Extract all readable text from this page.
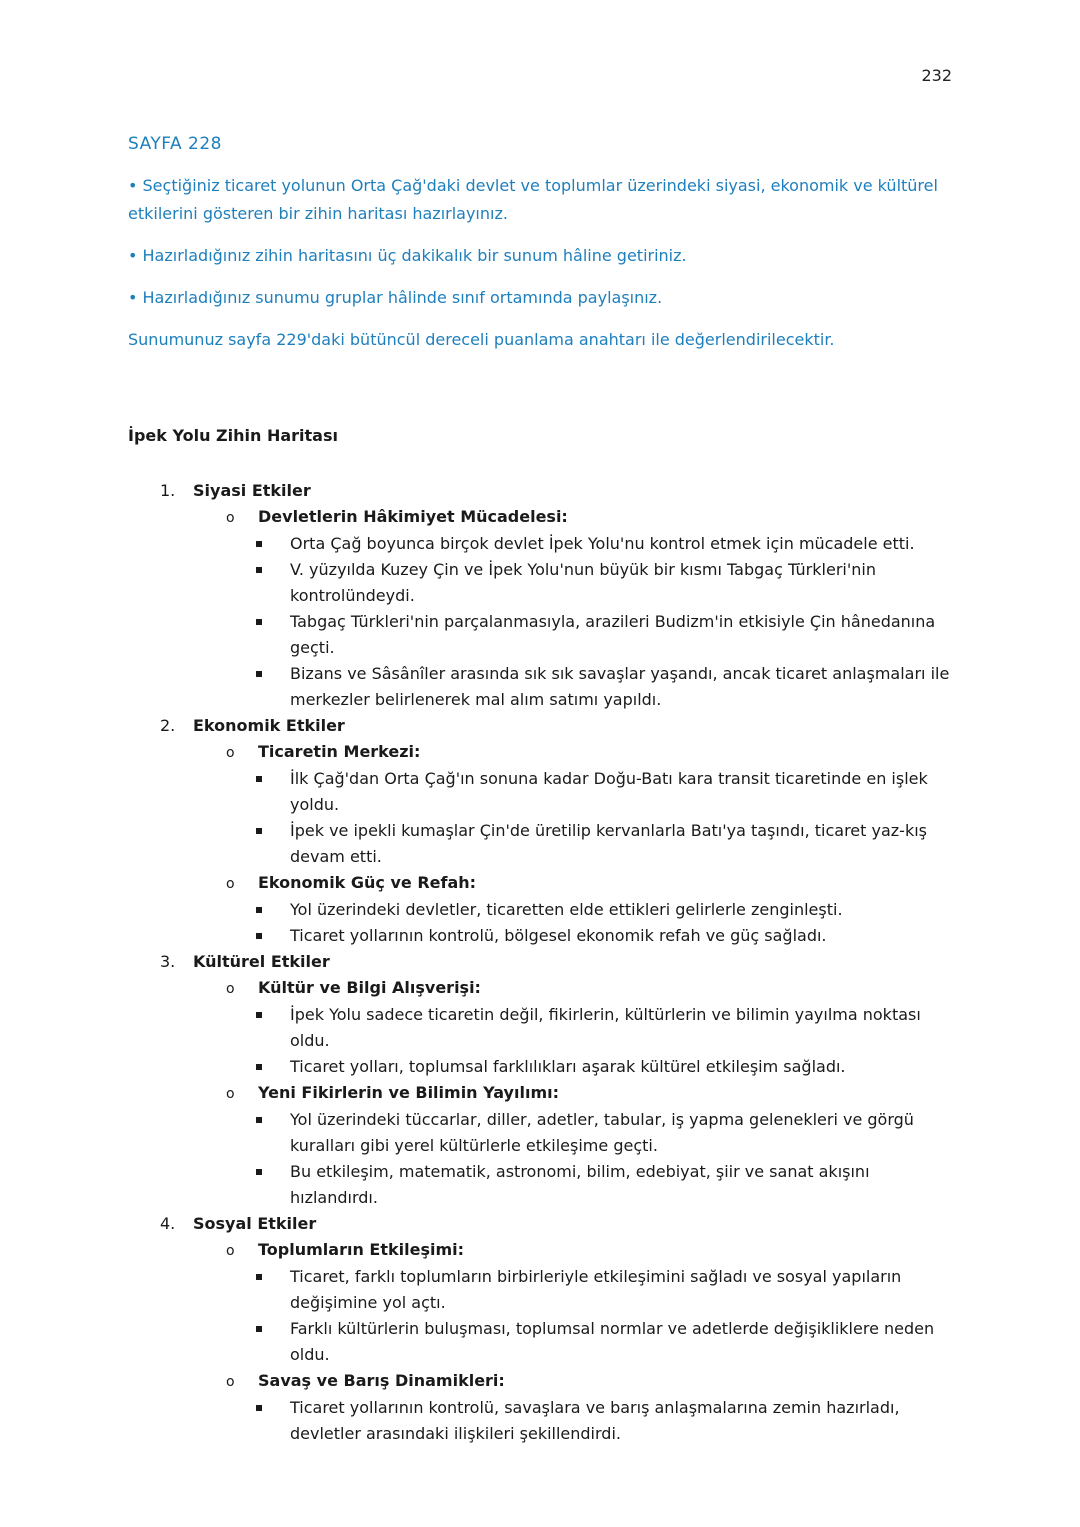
232
SAYFA 228
• Seçtiğiniz ticaret yolunun Orta Çağ'daki devlet ve toplumlar üzerindeki siyasi, ekonomik ve kültürel etkilerini gösteren bir zihin haritası hazırlayınız.
• Hazırladığınız zihin haritasını üç dakikalık bir sunum hâline getiriniz.
• Hazırladığınız sunumu gruplar hâlinde sınıf ortamında paylaşınız.
Sunumunuz sayfa 229'daki bütüncül dereceli puanlama anahtarı ile değerlendirilecektir.
İpek Yolu Zihin Haritası
1.	Siyasi Etkiler
o	Devletlerin Hâkimiyet Mücadelesi:
Orta Çağ boyunca birçok devlet İpek Yolu'nu kontrol etmek için mücadele etti.
V. yüzyılda Kuzey Çin ve İpek Yolu'nun büyük bir kısmı Tabgaç Türkleri'nin kontrolündeydi.
Tabgaç Türkleri'nin parçalanmasıyla, arazileri Budizm'in etkisiyle Çin hânedanına geçti.
Bizans ve Sâsânîler arasında sık sık savaşlar yaşandı, ancak ticaret anlaşmaları ile merkezler belirlenerek mal alım satımı yapıldı.
2.	Ekonomik Etkiler
o	Ticaretin Merkezi:
İlk Çağ'dan Orta Çağ'ın sonuna kadar Doğu-Batı kara transit ticaretinde en işlek yoldu.
İpek ve ipekli kumaşlar Çin'de üretilip kervanlarla Batı'ya taşındı, ticaret yaz-kış devam etti.
o	Ekonomik Güç ve Refah:
Yol üzerindeki devletler, ticaretten elde ettikleri gelirlerle zenginleşti.
Ticaret yollarının kontrolü, bölgesel ekonomik refah ve güç sağladı.
3.	Kültürel Etkiler
o	Kültür ve Bilgi Alışverişi:
İpek Yolu sadece ticaretin değil, fikirlerin, kültürlerin ve bilimin yayılma noktası oldu.
Ticaret yolları, toplumsal farklılıkları aşarak kültürel etkileşim sağladı.
o	Yeni Fikirlerin ve Bilimin Yayılımı:
Yol üzerindeki tüccarlar, diller, adetler, tabular, iş yapma gelenekleri ve görgü kuralları gibi yerel kültürlerle etkileşime geçti.
Bu etkileşim, matematik, astronomi, bilim, edebiyat, şiir ve sanat akışını hızlandırdı.
4.	Sosyal Etkiler
o	Toplumların Etkileşimi:
Ticaret, farklı toplumların birbirleriyle etkileşimini sağladı ve sosyal yapıların değişimine yol açtı.
Farklı kültürlerin buluşması, toplumsal normlar ve adetlerde değişikliklere neden oldu.
o	Savaş ve Barış Dinamikleri:
Ticaret yollarının kontrolü, savaşlara ve barış anlaşmalarına zemin hazırladı, devletler arasındaki ilişkileri şekillendirdi.
